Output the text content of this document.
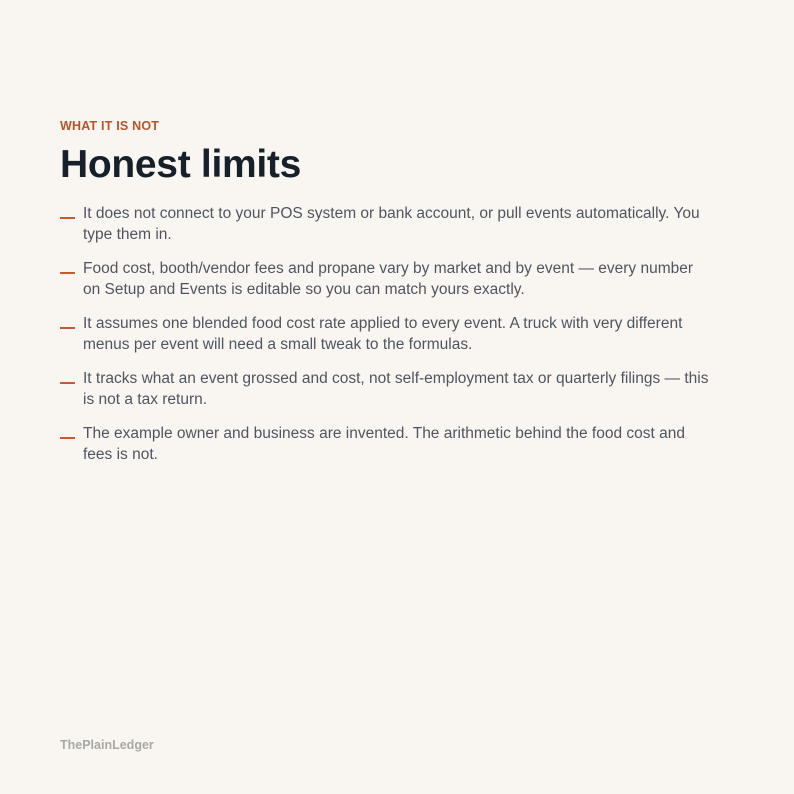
WHAT IT IS NOT

Honest limits
It does not connect to your POS system or bank account, or pull events automatically. You type them in.
Food cost, booth/vendor fees and propane vary by market and by event — every number on Setup and Events is editable so you can match yours exactly.
It assumes one blended food cost rate applied to every event. A truck with very different menus per event will need a small tweak to the formulas.
It tracks what an event grossed and cost, not self-employment tax or quarterly filings — this is not a tax return.
The example owner and business are invented. The arithmetic behind the food cost and fees is not.

ThePlainLedger
